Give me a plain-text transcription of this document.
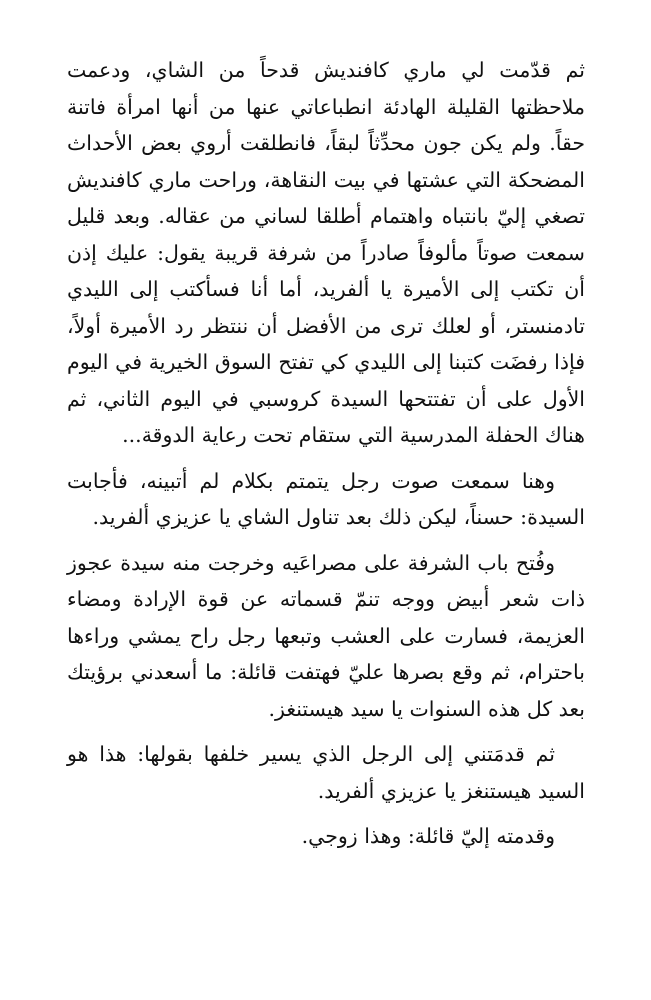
ثم قدّمت لي ماري كافنديش قدحاً من الشاي، ودعمت ملاحظتها القليلة الهادئة انطباعاتي عنها من أنها امرأة فاتنة حقاً. ولم يكن جون محدِّثاً لبقاً، فانطلقت أروي بعض الأحداث المضحكة التي عشتها في بيت النقاهة، وراحت ماري كافنديش تصغي إليّ بانتباه واهتمام أطلقا لساني من عقاله. وبعد قليل سمعت صوتاً مألوفاً صادراً من شرفة قريبة يقول: عليك إذن أن تكتب إلى الأميرة يا ألفريد، أما أنا فسأكتب إلى الليدي تادمنستر، أو لعلك ترى من الأفضل أن ننتظر رد الأميرة أولاً، فإذا رفضَت كتبنا إلى الليدي كي تفتح السوق الخيرية في اليوم الأول على أن تفتتحها السيدة كروسبي في اليوم الثاني، ثم هناك الحفلة المدرسية التي ستقام تحت رعاية الدوقة...

وهنا سمعت صوت رجل يتمتم بكلام لم أتبينه، فأجابت السيدة: حسناً، ليكن ذلك بعد تناول الشاي يا عزيزي ألفريد.

وفُتح باب الشرفة على مصراعَيه وخرجت منه سيدة عجوز ذات شعر أبيض ووجه تنمّ قسماته عن قوة الإرادة ومضاء العزيمة، فسارت على العشب وتبعها رجل راح يمشي وراءها باحترام، ثم وقع بصرها عليّ فهتفت قائلة: ما أسعدني برؤيتك بعد كل هذه السنوات يا سيد هيستنغز.

ثم قدمَتني إلى الرجل الذي يسير خلفها بقولها: هذا هو السيد هيستنغز يا عزيزي ألفريد.

وقدمته إليّ قائلة: وهذا زوجي.
